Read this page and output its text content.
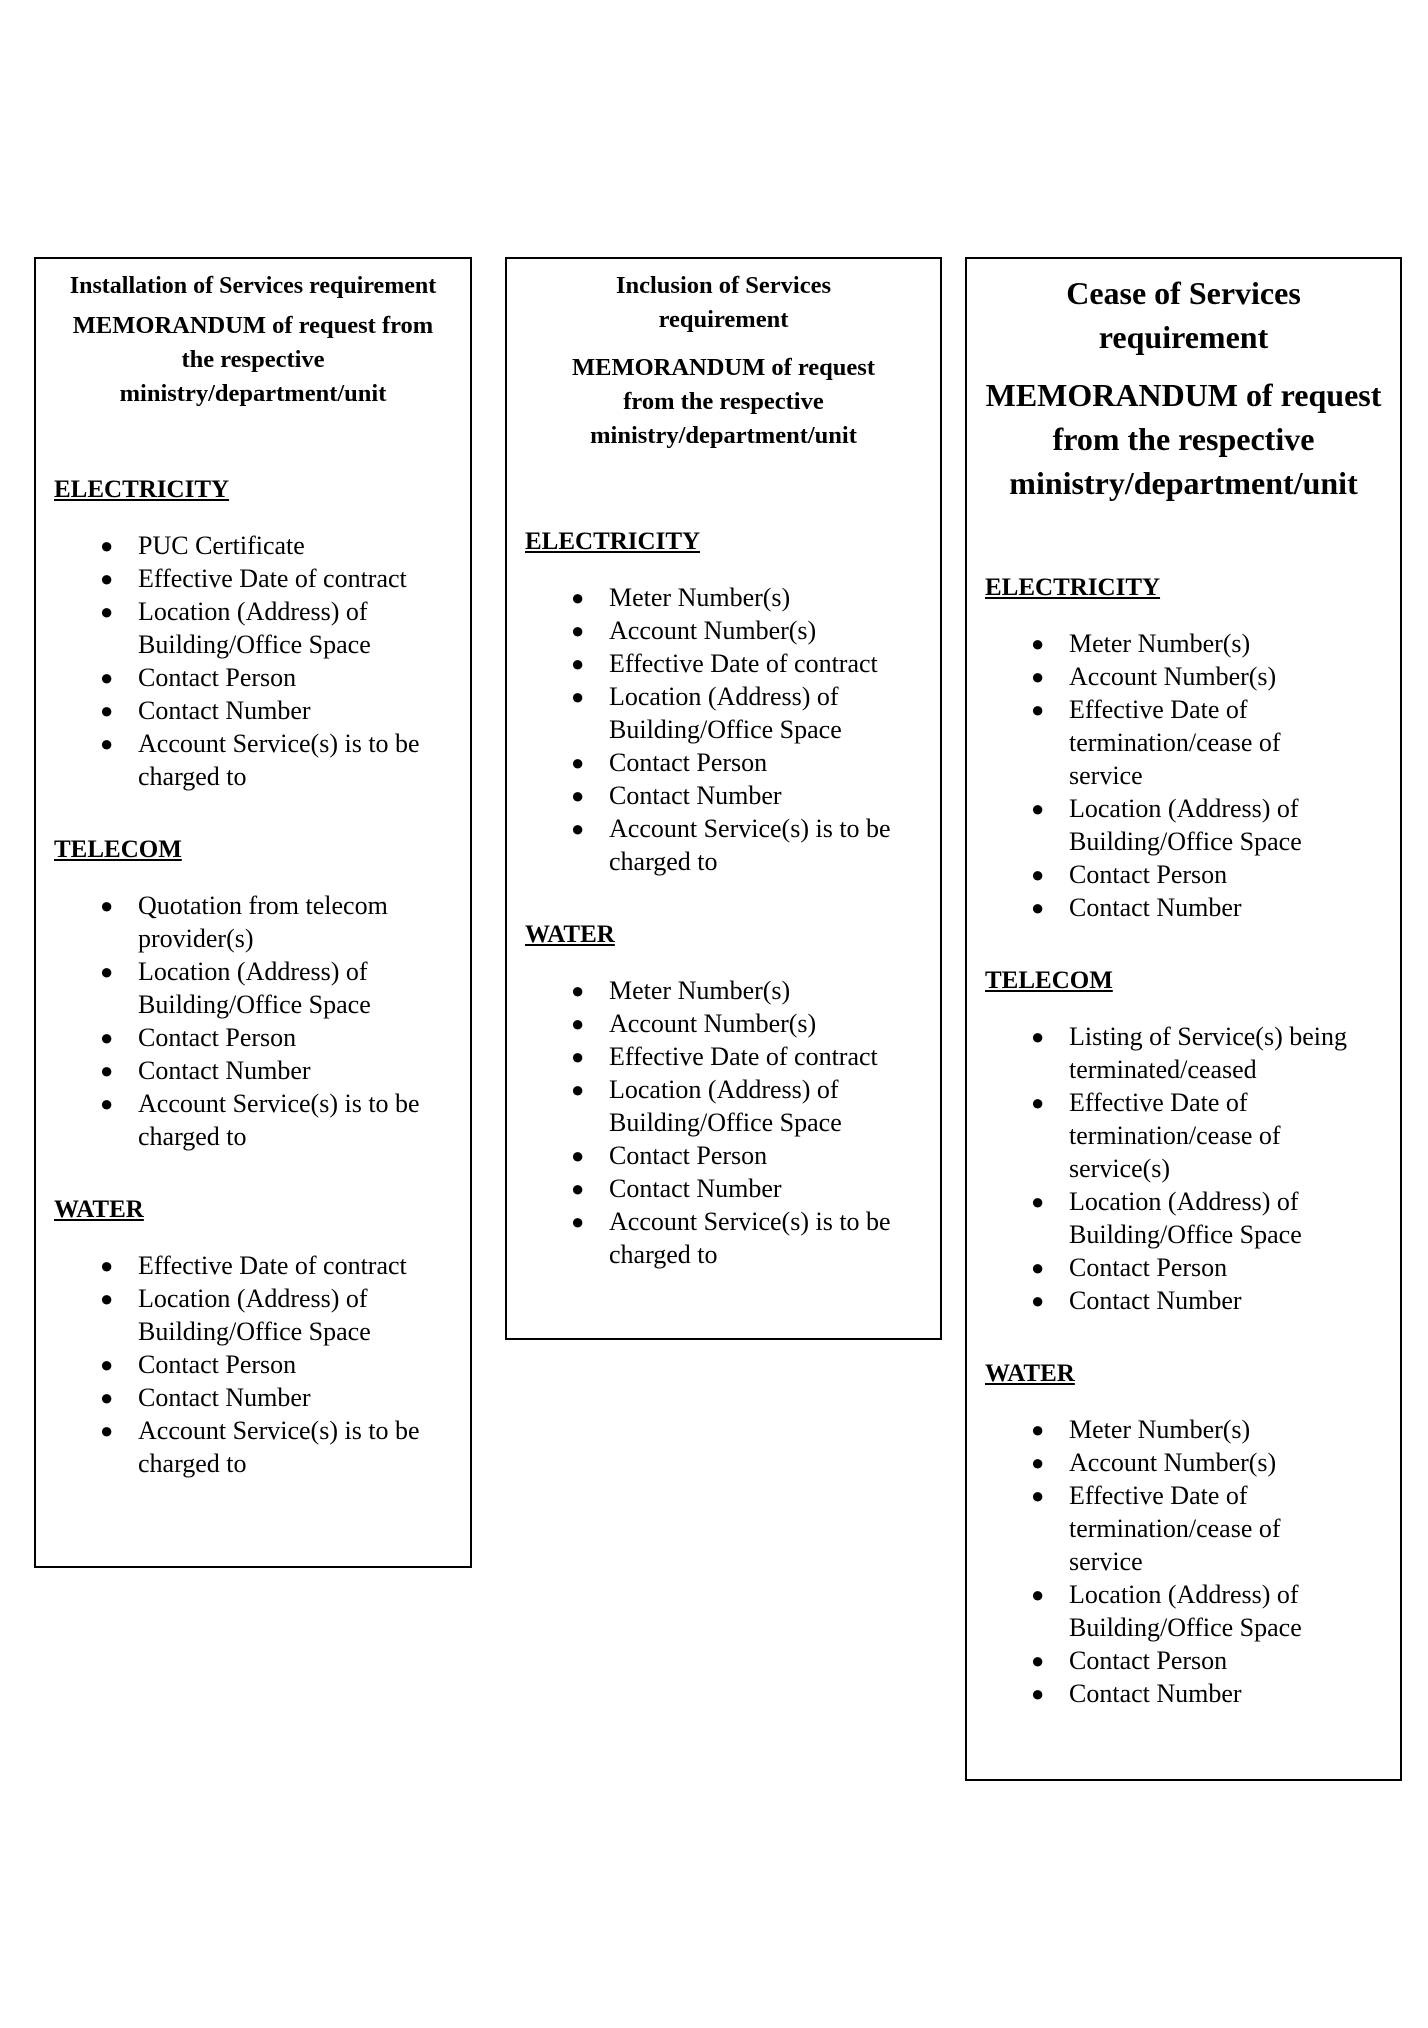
Installation of Services requirement
MEMORANDUM of request from the respective ministry/department/unit
ELECTRICITY
● PUC Certificate
● Effective Date of contract
● Location (Address) of Building/Office Space
● Contact Person
● Contact Number
● Account Service(s) is to be charged to
TELECOM
● Quotation from telecom provider(s)
● Location (Address) of Building/Office Space
● Contact Person
● Contact Number
● Account Service(s) is to be charged to
WATER
● Effective Date of contract
● Location (Address) of Building/Office Space
● Contact Person
● Contact Number
● Account Service(s) is to be charged to
Inclusion of Services requirement
MEMORANDUM of request from the respective ministry/department/unit
ELECTRICITY
● Meter Number(s)
● Account Number(s)
● Effective Date of contract
● Location (Address) of Building/Office Space
● Contact Person
● Contact Number
● Account Service(s) is to be charged to
WATER
● Meter Number(s)
● Account Number(s)
● Effective Date of contract
● Location (Address) of Building/Office Space
● Contact Person
● Contact Number
● Account Service(s) is to be charged to
Cease of Services requirement
MEMORANDUM of request from the respective ministry/department/unit
ELECTRICITY
● Meter Number(s)
● Account Number(s)
● Effective Date of termination/cease of service
● Location (Address) of Building/Office Space
● Contact Person
● Contact Number
TELECOM
● Listing of Service(s) being terminated/ceased
● Effective Date of termination/cease of service(s)
● Location (Address) of Building/Office Space
● Contact Person
● Contact Number
WATER
● Meter Number(s)
● Account Number(s)
● Effective Date of termination/cease of service
● Location (Address) of Building/Office Space
● Contact Person
● Contact Number
